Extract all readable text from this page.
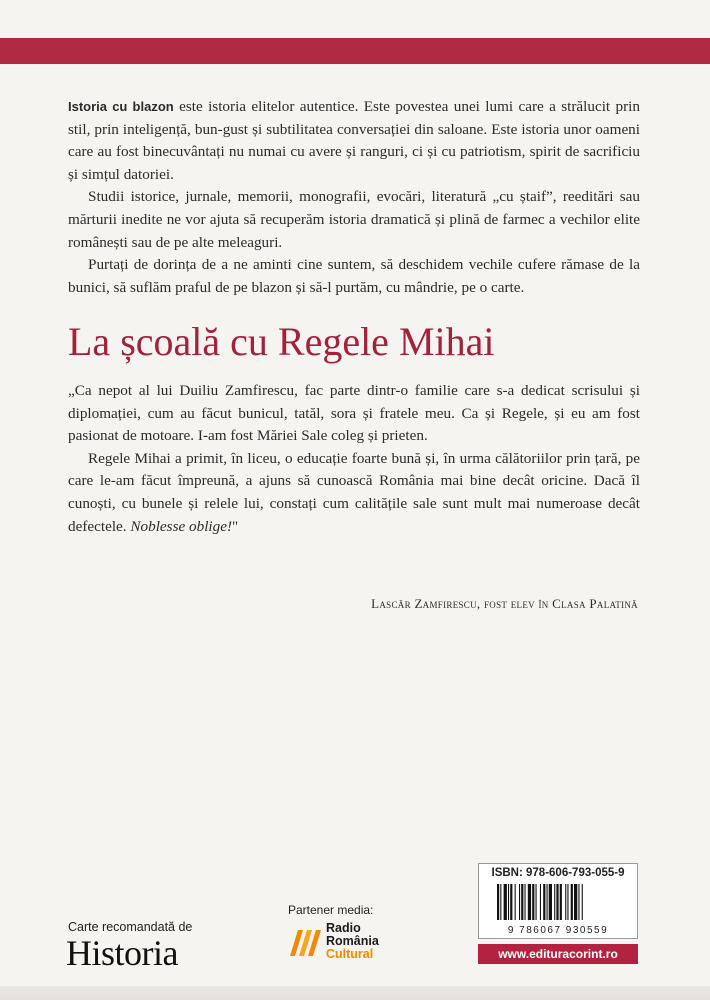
Istoria cu blazon este istoria elitelor autentice. Este povestea unei lumi care a strălucit prin stil, prin inteligență, bun-gust și subtilitatea conversației din saloane. Este istoria unor oameni care au fost binecuvântați nu numai cu avere și ranguri, ci și cu patriotism, spirit de sacrificiu și simțul datoriei.

Studii istorice, jurnale, memorii, monografii, evocări, literatură „cu ștaif”, reeditări sau mărturii inedite ne vor ajuta să recuperăm istoria dramatică și plină de farmec a vechilor elite românești sau de pe alte meleaguri.

Purtați de dorința de a ne aminti cine suntem, să deschidem vechile cufere rămase de la bunici, să suflăm praful de pe blazon și să-l purtăm, cu mândrie, pe o carte.

La școală cu Regele Mihai

„Ca nepot al lui Duiliu Zamfirescu, fac parte dintr-o familie care s-a dedicat scrisului și diplomației, cum au făcut bunicul, tatăl, sora și fratele meu. Ca și Regele, și eu am fost pasionat de motoare. I-am fost Măriei Sale coleg și prieten.

Regele Mihai a primit, în liceu, o educație foarte bună și, în urma călătoriilor prin țară, pe care le-am făcut împreună, a ajuns să cunoască România mai bine decât oricine. Dacă îl cunoști, cu bunele și relele lui, constați cum calitățile sale sunt mult mai numeroase decât defectele. Noblesse oblige!"

Lascăr Zamfirescu, fost elev în Clasa Palatină
Carte recomandată de
Historia
Partener media:
Radio
România
Cultural
ISBN: 978-606-793-055-9
9 786067 930559
www.edituracorint.ro
